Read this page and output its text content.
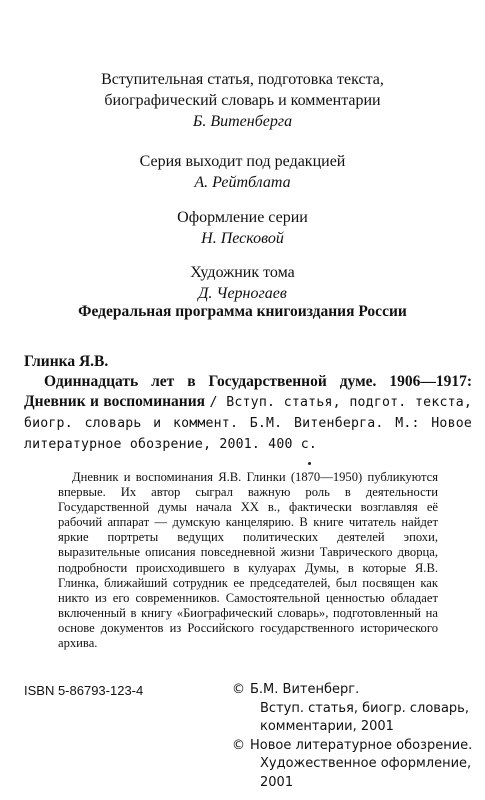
Вступительная статья, подготовка текста,
биографический словарь и комментарии
Б. Витенберга
Серия выходит под редакцией
А. Рейтблата
Оформление серии
Н. Песковой
Художник тома
Д. Черногаев
Федеральная программа книгоиздания России
Глинка Я.В.
Одиннадцать лет в Государственной думе. 1906—1917: Дневник и воспоминания / Вступ. статья, подгот. текста, биогр. словарь и коммент. Б.М. Витенберга. М.: Новое литературное обозрение, 2001. 400 с.
Дневник и воспоминания Я.В. Глинки (1870—1950) публикуются впервые. Их автор сыграл важную роль в деятельности Государственной думы начала XX в., фактически возглавляя её рабочий аппарат — думскую канцелярию. В книге читатель найдет яркие портреты ведущих политических деятелей эпохи, выразительные описания повседневной жизни Таврического дворца, подробности происходившего в кулуарах Думы, в которые Я.В. Глинка, ближайший сотрудник ее председателей, был посвящен как никто из его современников. Самостоятельной ценностью обладает включенный в книгу «Биографический словарь», подготовленный на основе документов из Российского государственного исторического архива.
ISBN 5-86793-123-4	© Б.М. Витенберг.
Вступ. статья, биогр. словарь,
комментарии, 2001
© Новое литературное обозрение.
Художественное оформление, 2001
